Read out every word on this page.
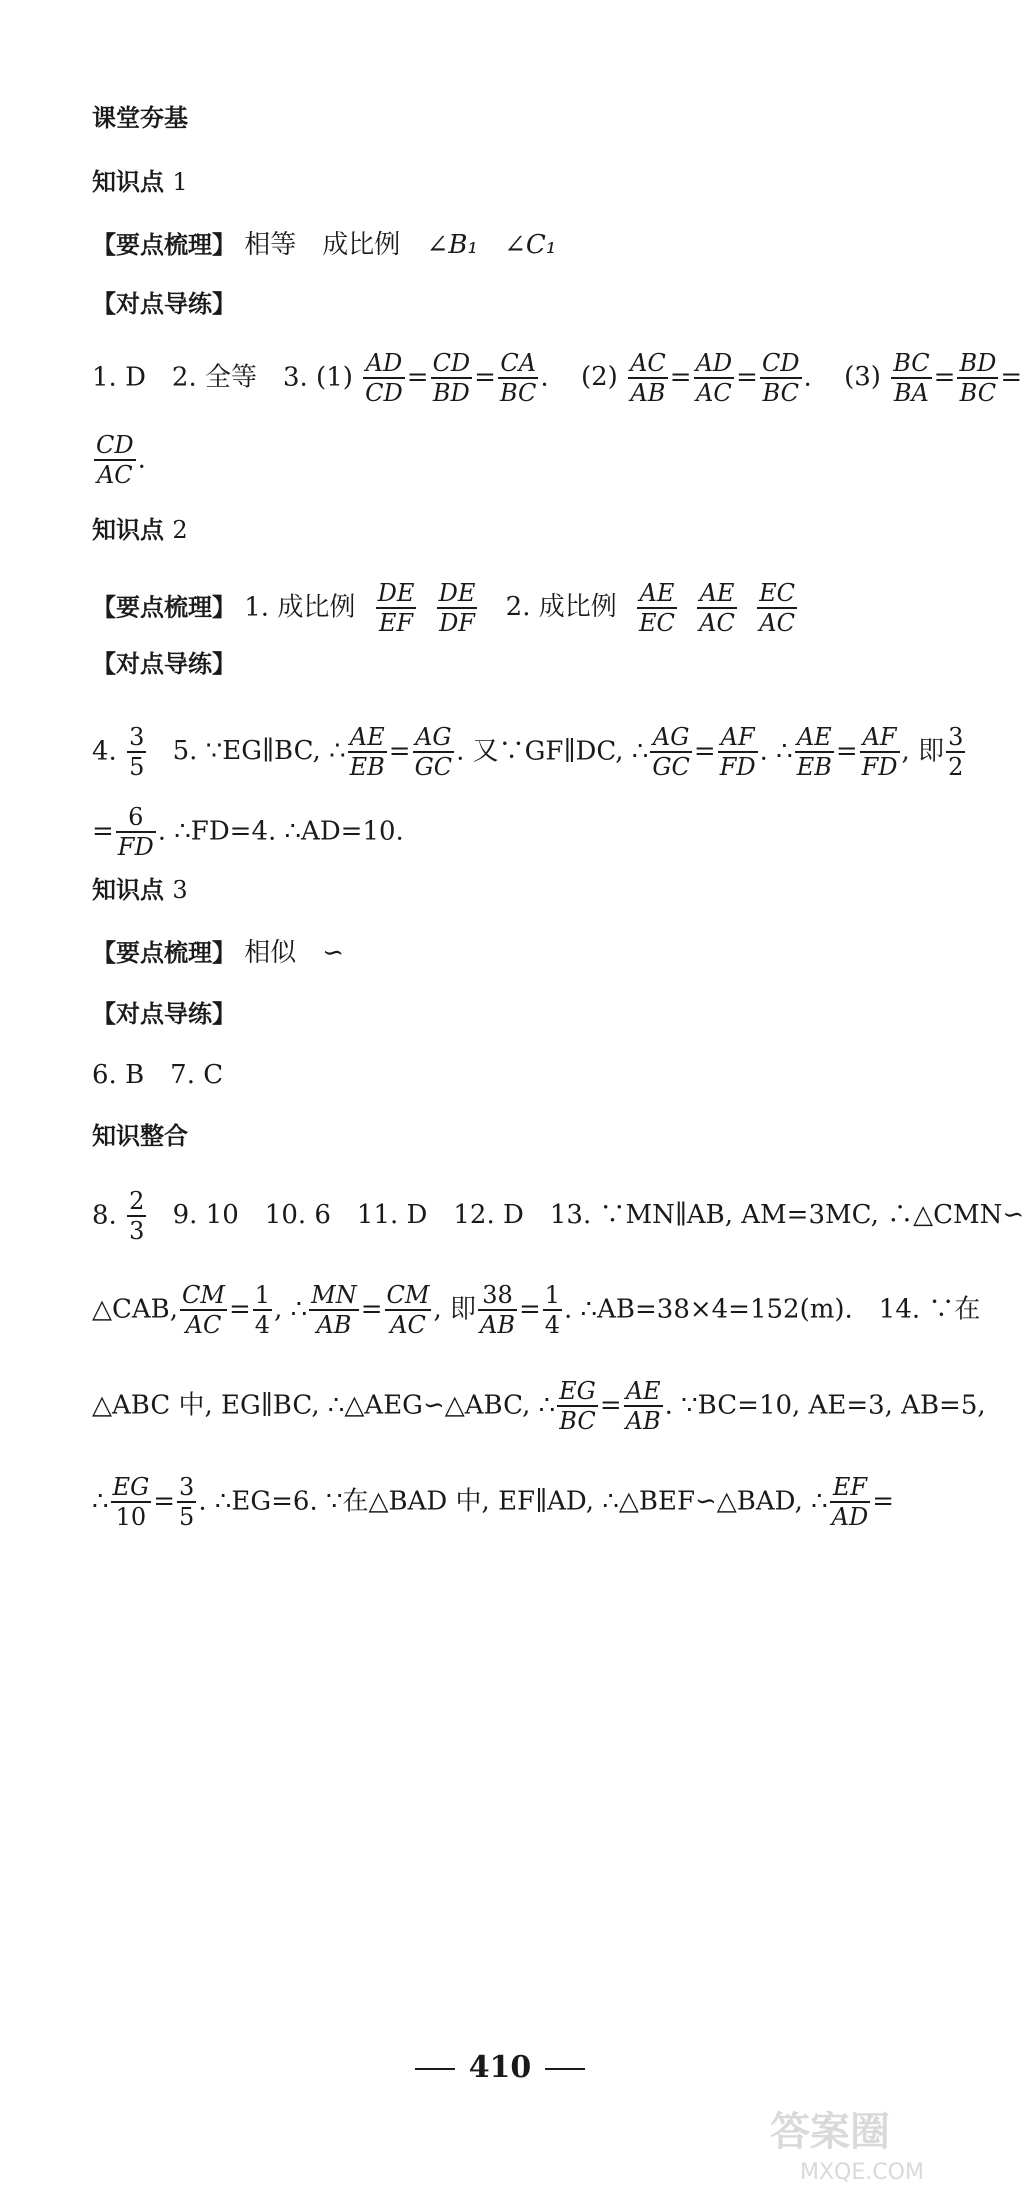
课堂夯基
知识点 1
【要点梳理】 相等　成比例 ∠B₁ ∠C₁
【对点导练】
1. D　2. 全等　3. $(1) \frac{AD}{CD} = \frac{CD}{BD} = \frac{CA}{BC}$ . $(2) \frac{AC}{AB} = \frac{AD}{AC} = \frac{CD}{BC}$ . $(3) \frac{BC}{BA} = \frac{BD}{BC}$ =
$\frac{CD}{AC}$ .
知识点 2
【要点梳理】 1. 成比例 $\frac{DE}{EF}$
$\frac{DE}{DF} 2$. 成比例 $\frac{AE}{EC}$
$\frac{AE}{AC}$
$\frac{EC}{AC}$
【对点导练】
4. $\frac{3}{5} 5$. ∵EG∥BC, ∴ $\frac{AE}{EB} = \frac{AG}{GC}$ . 又∵GF∥DC, ∴ $\frac{AG}{GC} = \frac{AF}{FD}$ . ∴ $\frac{AE}{EB} = \frac{AF}{FD}$ , 即 $\frac{3}{2}$
= $\frac{6}{FD}$ . ∴FD=4. ∴AD=10.
知识点 3
【要点梳理】 相似　∽
【对点导练】
6. B　7. C
知识整合
8. $\frac{2}{3} 9$. 10　10. 6　11. D　12. D　13. ∵MN∥AB, AM=3MC, ∴△CMN∽
△CAB, $\frac{CM}{AC} = \frac{1}{4}$ , ∴ $\frac{MN}{AB} = \frac{CM}{AC}$ , 即 $\frac{38}{AB} = \frac{1}{4}$ . ∴AB=38×4=152(m).　14. ∵在
△ABC 中, EG∥BC, ∴△AEG∽△ABC, ∴ $\frac{EG}{BC} = \frac{AE}{AB}$ . ∵BC=10, AE=3, AB=5,
∴ $\frac{EG}{10} = \frac{3}{5}$ . ∴EG=6. ∵在△BAD 中, EF∥AD, ∴△BEF∽△BAD, ∴ $\frac{EF}{AD}$ =
410
答案圈
MXQE.COM
